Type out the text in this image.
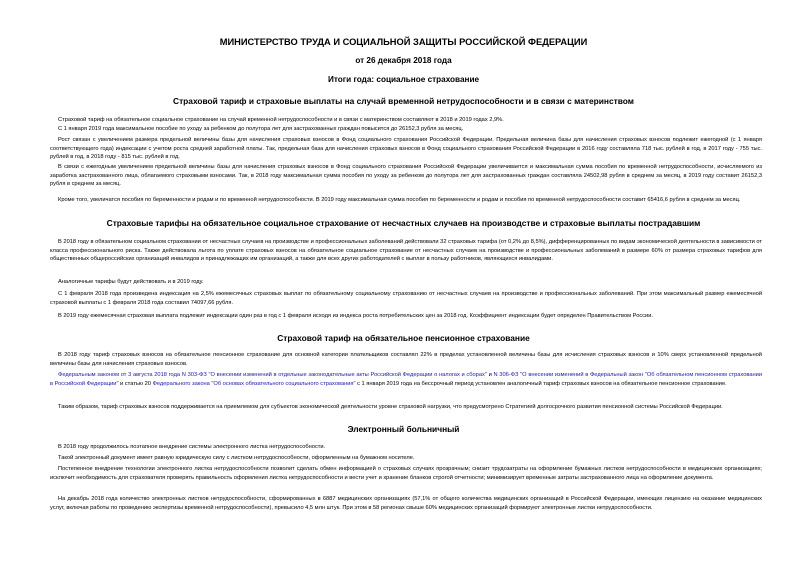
МИНИСТЕРСТВО ТРУДА И СОЦИАЛЬНОЙ ЗАЩИТЫ РОССИЙСКОЙ ФЕДЕРАЦИИ
от 26 декабря 2018 года
Итоги года: социальное страхование
Страховой тариф и страховые выплаты на случай временной нетрудоспособности и в связи с материнством

Страховой тариф на обязательное социальное страхование на случай временной нетрудоспособности и в связи с материнством составляют в 2018 и 2019 годах 2,9%.

С 1 января 2019 года максимальное пособие по уходу за ребенком до полутора лет для застрахованных граждан повысится до 26152,3 рубля за месяц.

Рост связан с увеличением размера предельной величины базы для начисления страховых взносов в Фонд социального страхования Российской Федерации. Предельная величина базы для начисления страховых взносов подлежит ежегодной (с 1 января соответствующего года) индексации с учетом роста средней заработной платы. Так, предельная база для начисления страховых взносов в Фонд социального страхования Российской Федерации в 2016 году составляла 718 тыс. рублей в год, в 2017 году - 755 тыс. рублей в год, в 2018 году - 815 тыс. рублей в год.

В связи с ежегодным увеличением предельной величины базы для начисления страховых взносов в Фонд социального страхования Российской Федерации увеличивается и максимальная сумма пособия по временной нетрудоспособности, исчисляемого из заработка застрахованного лица, облагаемого страховыми взносами. Так, в 2018 году максимальная сумма пособия по уходу за ребенком до полутора лет для застрахованных граждан составляла 24502,98 рубля в среднем за месяц, в 2019 году составит 26152,3 рубля в среднем за месяц.

Кроме того, увеличатся пособия по беременности и родам и по временной нетрудоспособности. В 2019 году максимальная сумма пособия по беременности и родам и пособия по временной нетрудоспособности составит 65416,6 рубля в среднем за месяц.

Страховые тарифы на обязательное социальное страхование от несчастных случаев на производстве и страховые выплаты пострадавшим

В 2018 году в обязательном социальном страховании от несчастных случаев на производстве и профессиональных заболеваний действовали 32 страховых тарифа (от 0,2% до 8,5%), дифференцированных по видам экономической деятельности в зависимости от класса профессионального риска. Также действовала льгота по уплате страховых взносов на обязательное социальное страхование от несчастных случаев на производстве и профессиональных заболеваний в размере 60% от размера страховых тарифов для общественных общероссийских организаций инвалидов и принадлежащих им организаций, а также для всех других работодателей с выплат в пользу работников, являющихся инвалидами.

Аналогичные тарифы будут действовать и в 2019 году.

С 1 февраля 2018 года произведена индексация на 2,5% ежемесячных страховых выплат по обязательному социальному страхованию от несчастных случаев на производстве и профессиональных заболеваний. При этом максимальный размер ежемесячной страховой выплаты с 1 февраля 2018 года составил 74097,66 рубля.

В 2019 году ежемесячная страховая выплата подлежит индексации один раз в год с 1 февраля исходя из индекса роста потребительских цен за 2018 год. Коэффициент индексации будет определен Правительством России.

Страховой тариф на обязательное пенсионное страхование

В 2018 году тариф страховых взносов на обязательное пенсионное страхование для основной категории плательщиков составлял 22% в пределах установленной величины базы для исчисления страховых взносов и 10% сверх установленной предельной величины базы для начисления страховых взносов.

Федеральным законом от 3 августа 2018 года N 303-ФЗ "О внесении изменений в отдельные законодательные акты Российской Федерации о налогах и сборах" и N 306-ФЗ "О внесении изменений в Федеральный закон "Об обязательном пенсионном страховании в Российской Федерации" и статью 20 Федерального закона "Об основах обязательного социального страхования" с 1 января 2019 года на бессрочный период установлен аналогичный тариф страховых взносов на обязательное пенсионное страхование.

Таким образом, тариф страховых взносов поддерживается на приемлемом для субъектов экономической деятельности уровне страховой нагрузки, что предусмотрено Стратегией долгосрочного развития пенсионной системы Российской Федерации.

Электронный больничный

В 2018 году продолжилось поэтапное внедрение системы электронного листка нетрудоспособности.

Такой электронный документ имеет равную юридическую силу с листком нетрудоспособности, оформленным на бумажном носителе.

Постепенное внедрение технологии электронного листка нетрудоспособности позволит сделать обмен информацией о страховых случаях прозрачным; снизит трудозатраты на оформление бумажных листков нетрудоспособности в медицинских организациях; исключит необходимость для страхователя проверять правильность оформления листка нетрудоспособности и вести учет и хранение бланков строгой отчетности; минимизирует временные затраты застрахованного лица на оформление документа.

На декабрь 2018 года количество электронных листков нетрудоспособности, сформированных в 6887 медицинских организациях (57,1% от общего количества медицинских организаций в Российской Федерации, имеющих лицензию на оказание медицинских услуг, включая работы по проведению экспертизы временной нетрудоспособности), превысило 4,5 млн штук. При этом в 58 регионах свыше 60% медицинских организаций формируют электронные листки нетрудоспособности.
